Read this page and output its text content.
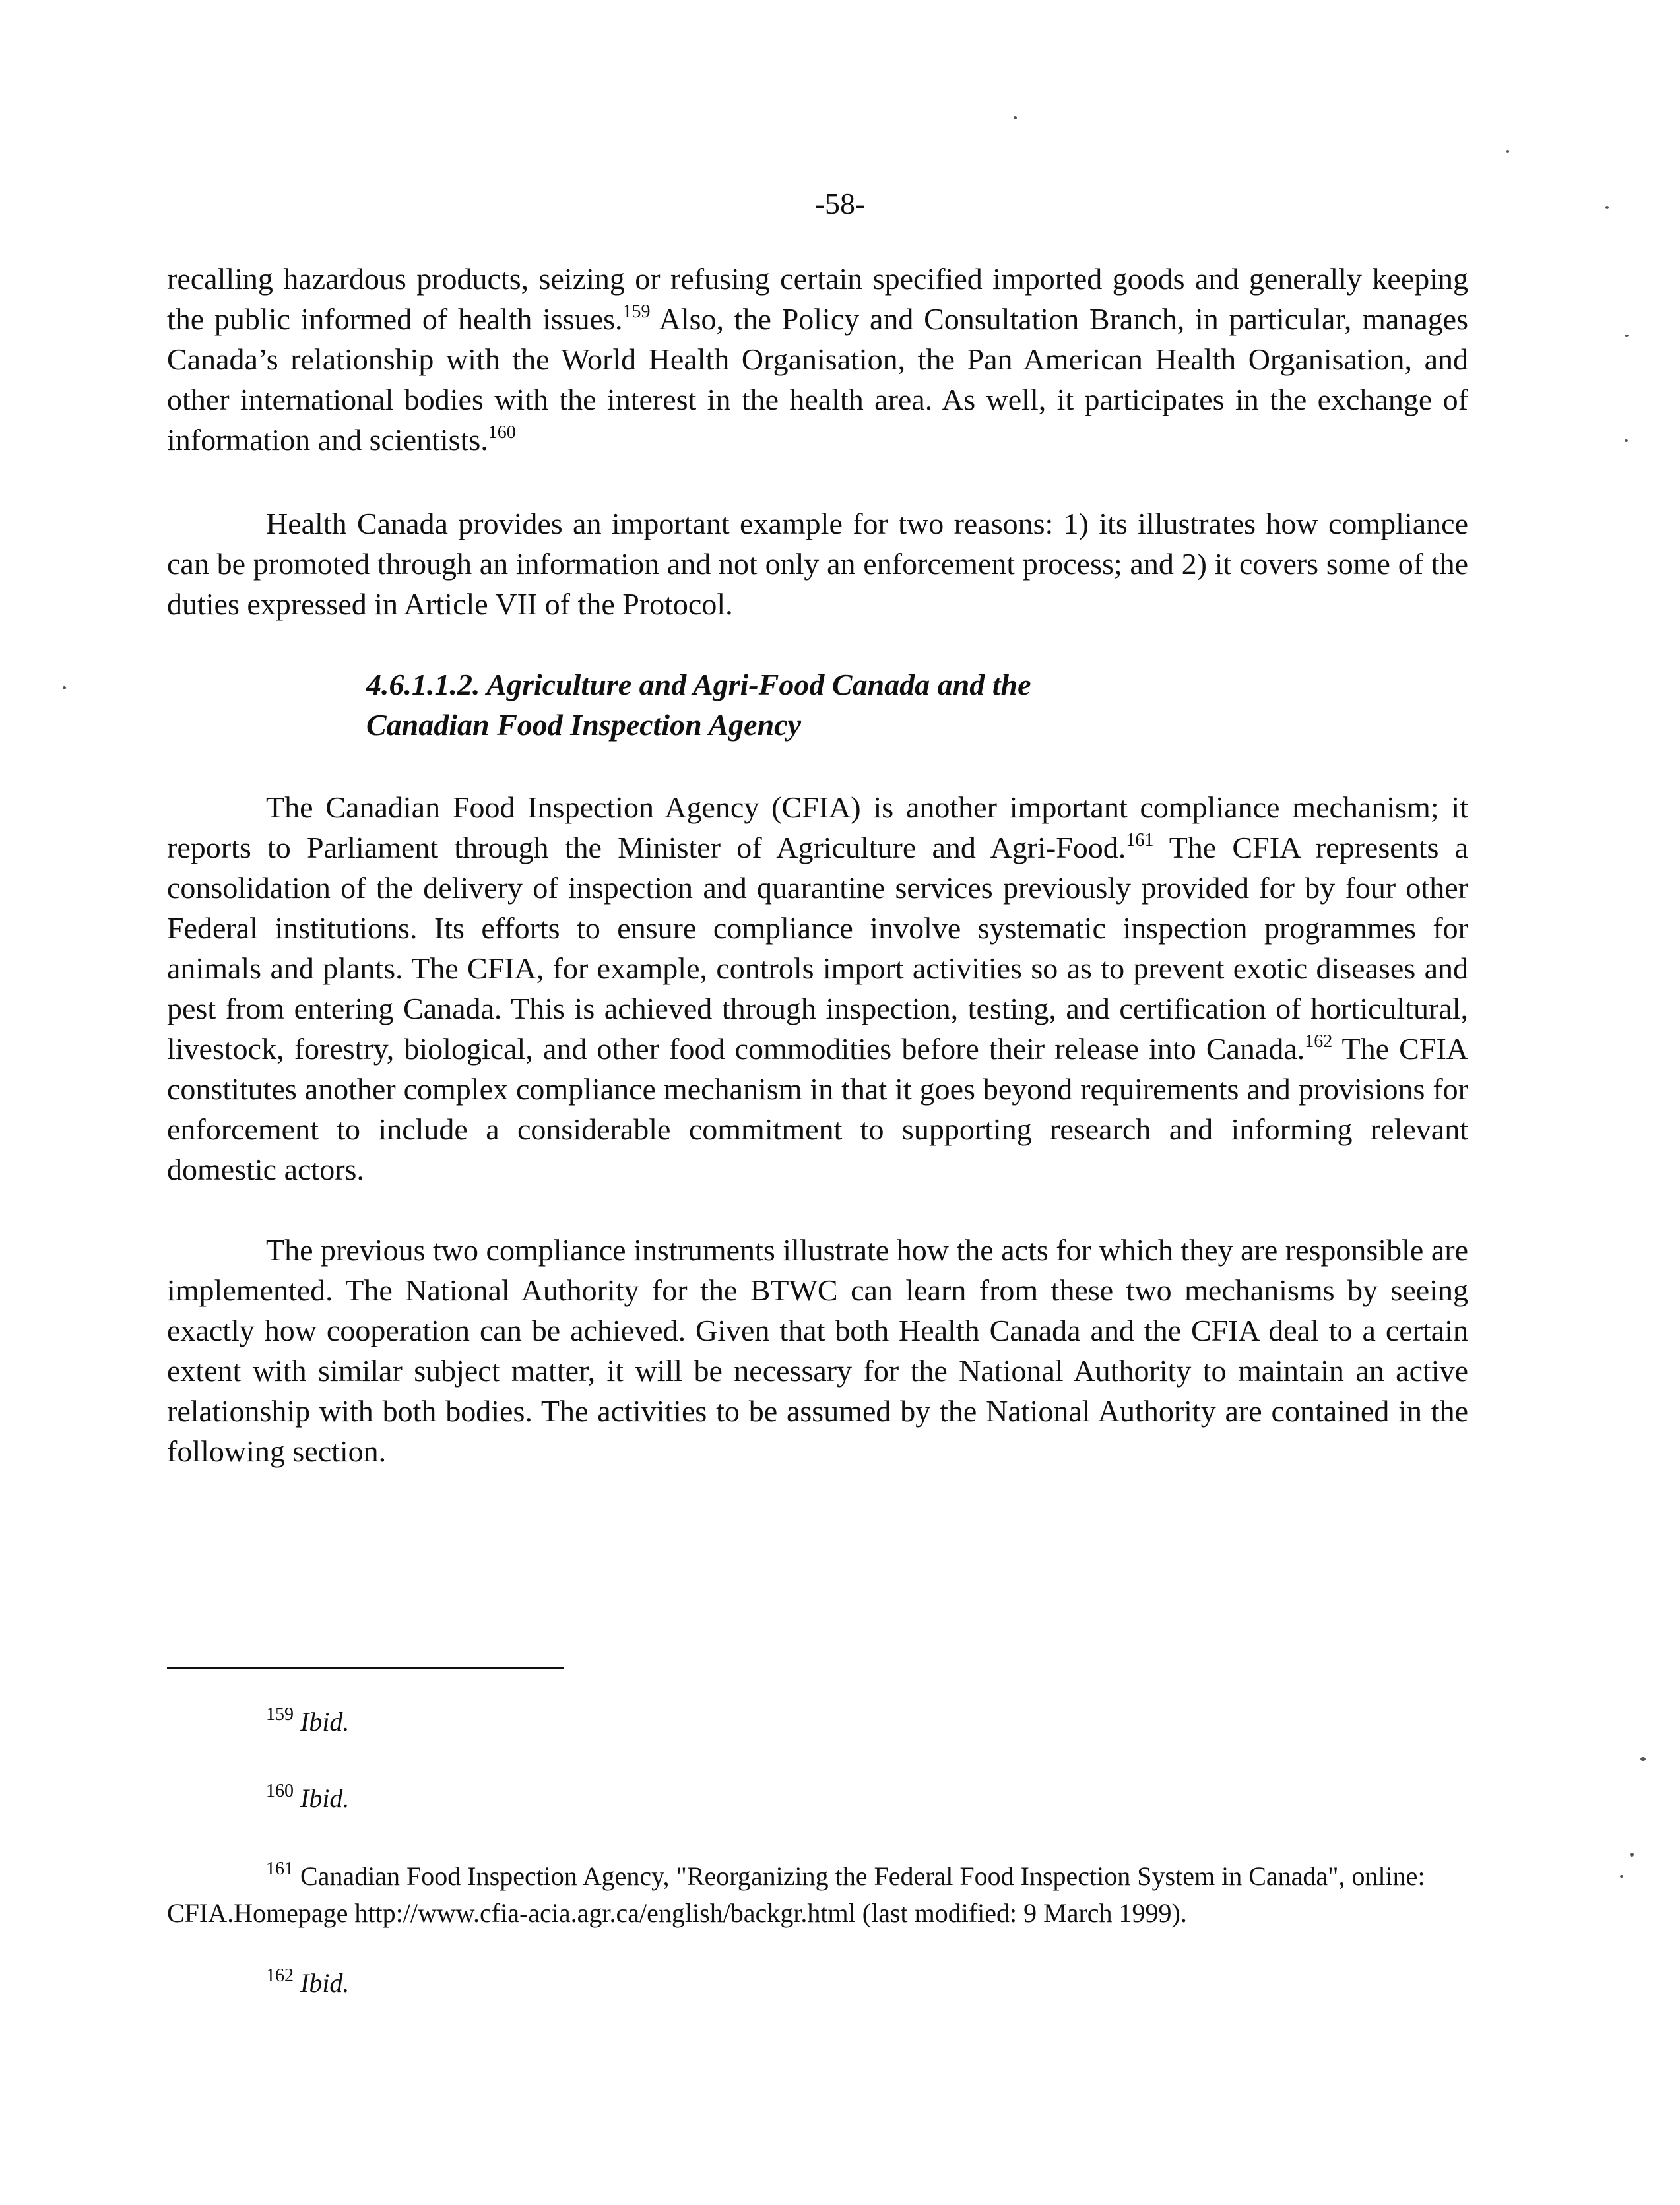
-58-

recalling hazardous products, seizing or refusing certain specified imported goods and generally keeping the public informed of health issues.$^{159}$ Also, the Policy and Consultation Branch, in particular, manages Canada’s relationship with the World Health Organisation, the Pan American Health Organisation, and other international bodies with the interest in the health area. As well, it participates in the exchange of information and scientists.$^{160}$

Health Canada provides an important example for two reasons: 1) its illustrates how compliance can be promoted through an information and not only an enforcement process; and 2) it covers some of the duties expressed in Article VII of the Protocol.

4.6.1.1.2. Agriculture and Agri-Food Canada and the
Canadian Food Inspection Agency

The Canadian Food Inspection Agency (CFIA) is another important compliance mechanism; it reports to Parliament through the Minister of Agriculture and Agri-Food.$^{161}$ The CFIA represents a consolidation of the delivery of inspection and quarantine services previously provided for by four other Federal institutions. Its efforts to ensure compliance involve systematic inspection programmes for animals and plants. The CFIA, for example, controls import activities so as to prevent exotic diseases and pest from entering Canada. This is achieved through inspection, testing, and certification of horticultural, livestock, forestry, biological, and other food commodities before their release into Canada.$^{162}$ The CFIA constitutes another complex compliance mechanism in that it goes beyond requirements and provisions for enforcement to include a considerable commitment to supporting research and informing relevant domestic actors.

The previous two compliance instruments illustrate how the acts for which they are responsible are implemented. The National Authority for the BTWC can learn from these two mechanisms by seeing exactly how cooperation can be achieved. Given that both Health Canada and the CFIA deal to a certain extent with similar subject matter, it will be necessary for the National Authority to maintain an active relationship with both bodies. The activities to be assumed by the National Authority are contained in the following section.

$^{159}$ Ibid.

$^{160}$ Ibid.

$^{161}$ Canadian Food Inspection Agency, "Reorganizing the Federal Food Inspection System in Canada", online:
CFIA.Homepage http://www.cfia-acia.agr.ca/english/backgr.html (last modified: 9 March 1999).

$^{162}$ Ibid.
